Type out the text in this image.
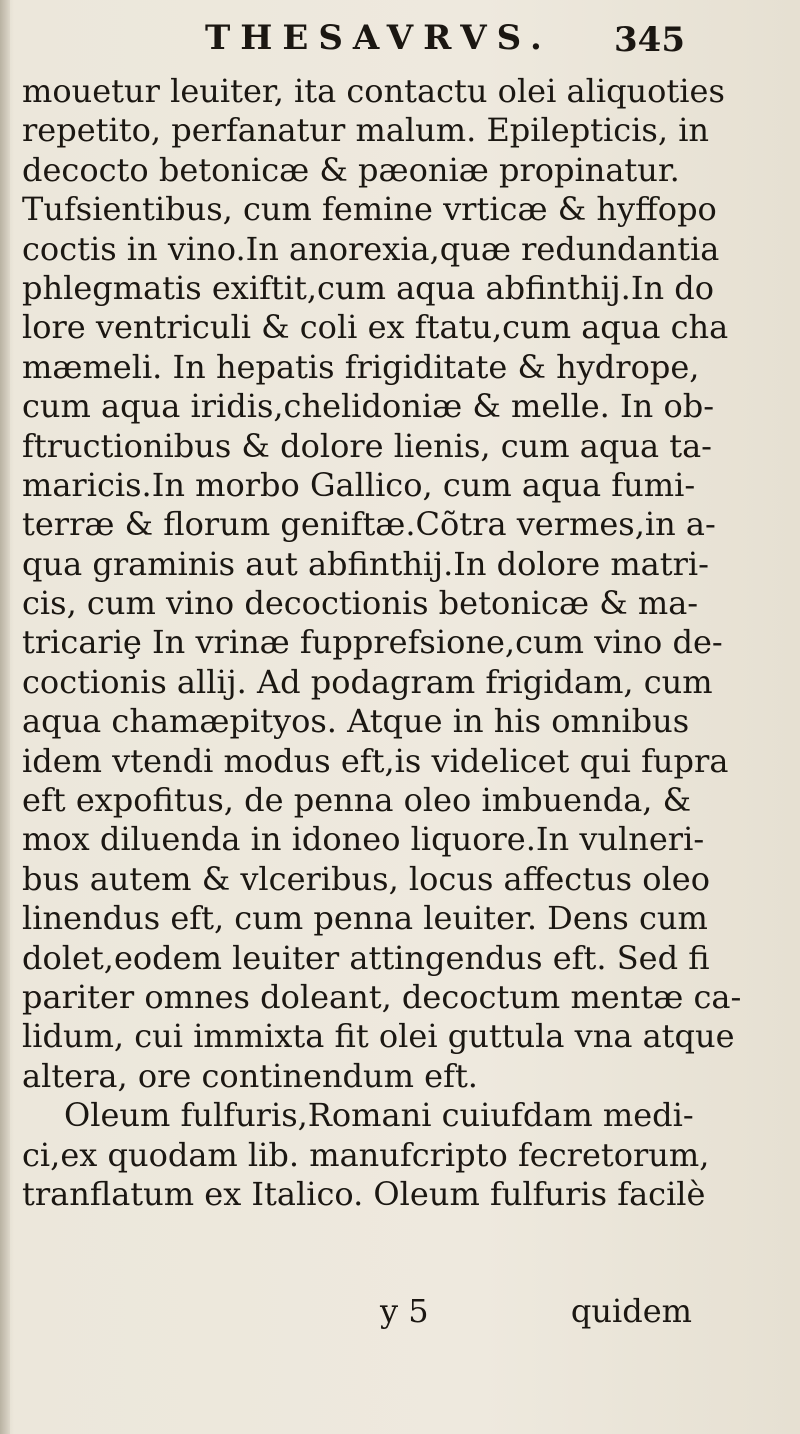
THESAVRVS. 345
mouetur leuiter, ita contactu olei aliquoties
repetito, perfanatur malum. Epilepticis, in
decocto betonicæ & pæoniæ propinatur.
Tufsientibus, cum femine vrticæ & hyffopo
coctis in vino.In anorexia,quæ redundantia
phlegmatis exiftit,cum aqua abfinthij.In do
lore ventriculi & coli ex ftatu,cum aqua cha
mæmeli. In hepatis frigiditate & hydrope,
cum aqua iridis,chelidoniæ & melle. In ob-
ftructionibus & dolore lienis, cum aqua ta-
maricis.In morbo Gallico, cum aqua fumi-
terræ & florum geniftæ.Cõtra vermes,in a-
qua graminis aut abfinthij.In dolore matri-
cis, cum vino decoctionis betonicæ & ma-
tricariȩ In vrinæ fupprefsione,cum vino de-
coctionis allij. Ad podagram frigidam, cum
aqua chamæpityos. Atque in his omnibus
idem vtendi modus eft,is videlicet qui fupra
eft expofitus, de penna oleo imbuenda, &
mox diluenda in idoneo liquore.In vulneri-
bus autem & vlceribus, locus affectus oleo
linendus eft, cum penna leuiter. Dens cum
dolet,eodem leuiter attingendus eft. Sed fi
pariter omnes doleant, decoctum mentæ ca-
lidum, cui immixta fit olei guttula vna atque
altera, ore continendum eft.
Oleum fulfuris,Romani cuiufdam medi-
ci,ex quodam lib. manufcripto fecretorum,
tranflatum ex Italico. Oleum fulfuris facilè
y 5	quidem
